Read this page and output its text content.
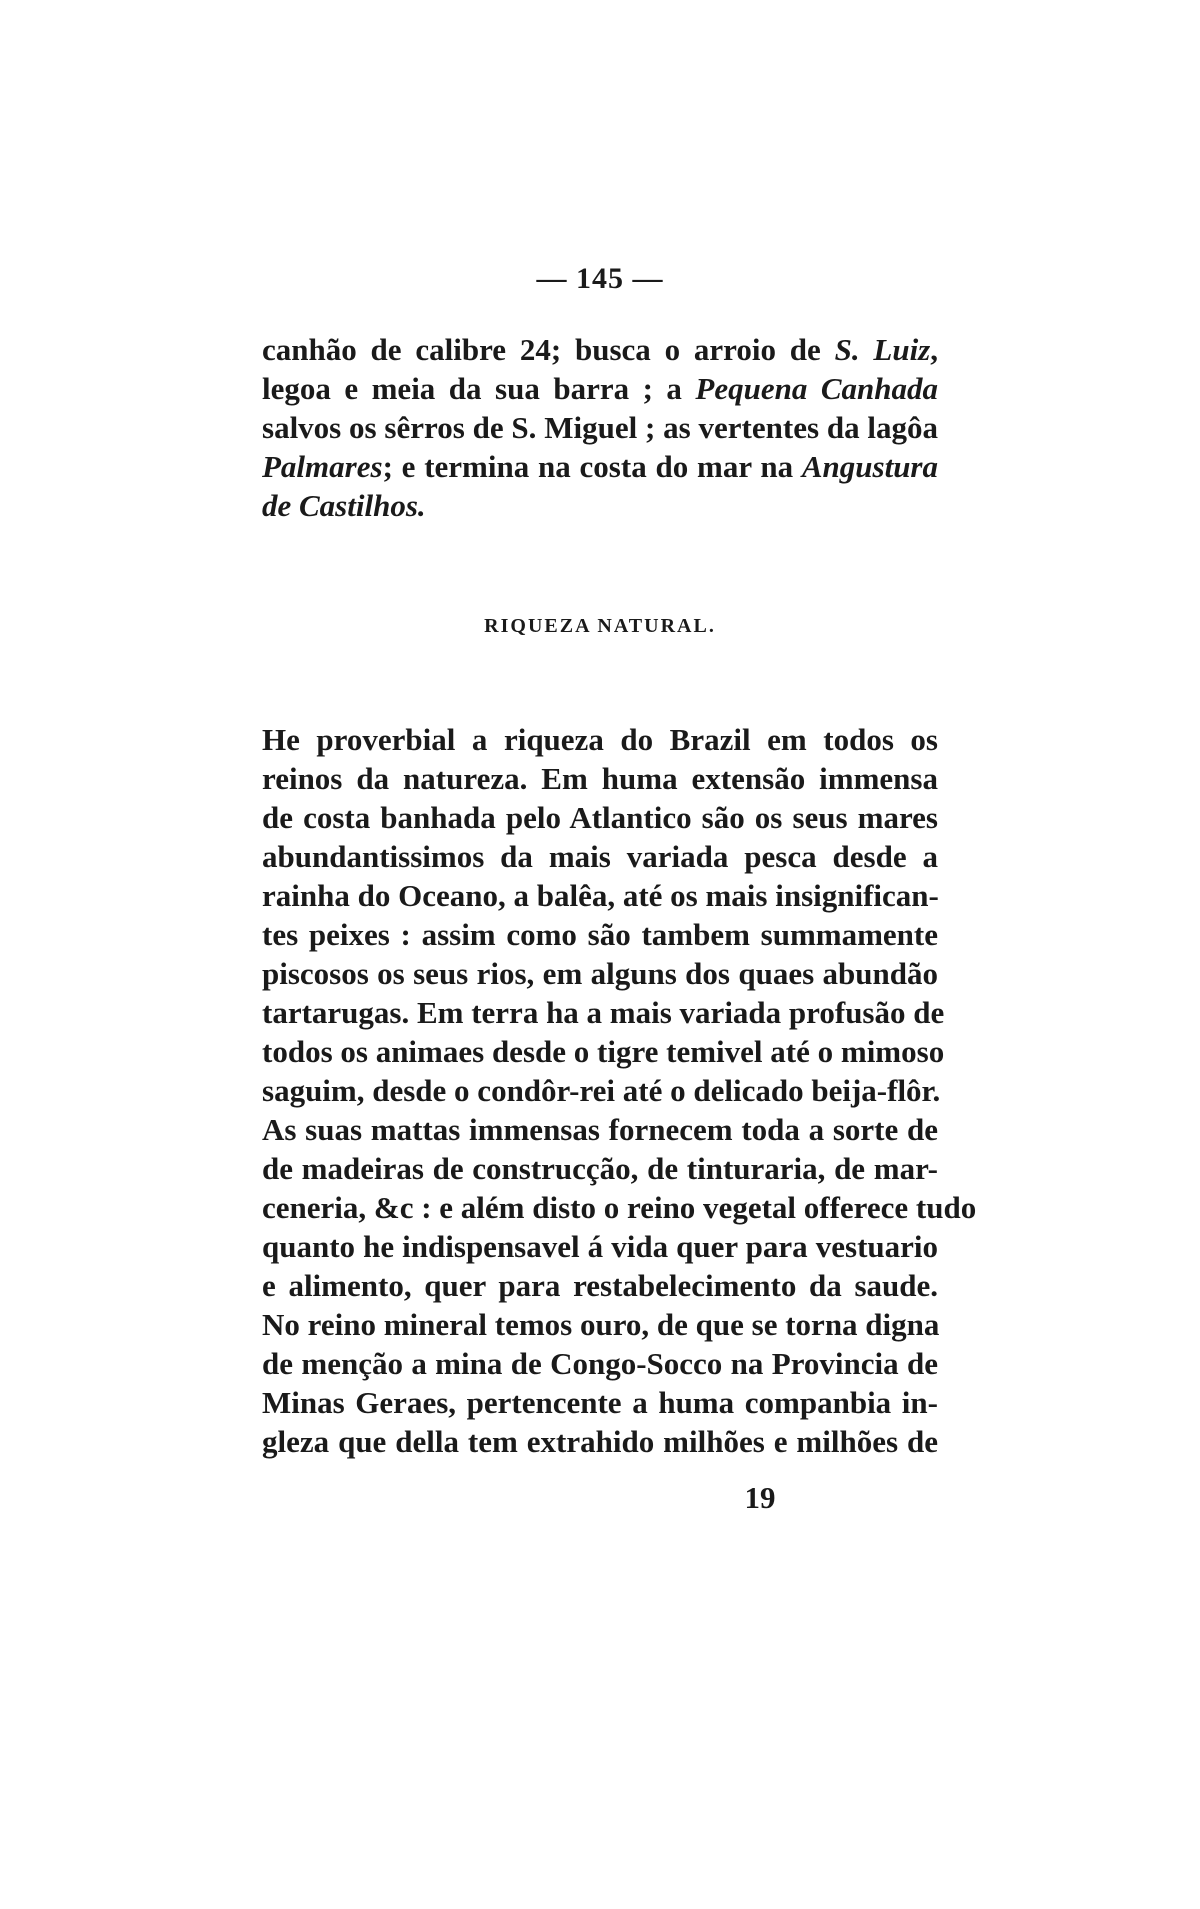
— 145 —
canhão de calibre 24; busca o arroio de S. Luiz,
legoa e meia da sua barra ; a Pequena Canhada
salvos os sêrros de S. Miguel ; as vertentes da lagôa
Palmares; e termina na costa do mar na Angustura
de Castilhos.
RIQUEZA NATURAL.
He proverbial a riqueza do Brazil em todos os
reinos da natureza. Em huma extensão immensa
de costa banhada pelo Atlantico são os seus mares
abundantissimos da mais variada pesca desde a
rainha do Oceano, a balêa, até os mais insignifican-
tes peixes : assim como são tambem summamente
piscosos os seus rios, em alguns dos quaes abundão
tartarugas. Em terra ha a mais variada profusão de
todos os animaes desde o tigre temivel até o mimoso
saguim, desde o condôr-rei até o delicado beija-flôr.
As suas mattas immensas fornecem toda a sorte de
de madeiras de construcção, de tinturaria, de mar-
ceneria, &c : e além disto o reino vegetal offerece tudo
quanto he indispensavel á vida quer para vestuario
e alimento, quer para restabelecimento da saude.
No reino mineral temos ouro, de que se torna digna
de menção a mina de Congo-Socco na Provincia de
Minas Geraes, pertencente a huma companbia in-
gleza que della tem extrahido milhões e milhões de
19
